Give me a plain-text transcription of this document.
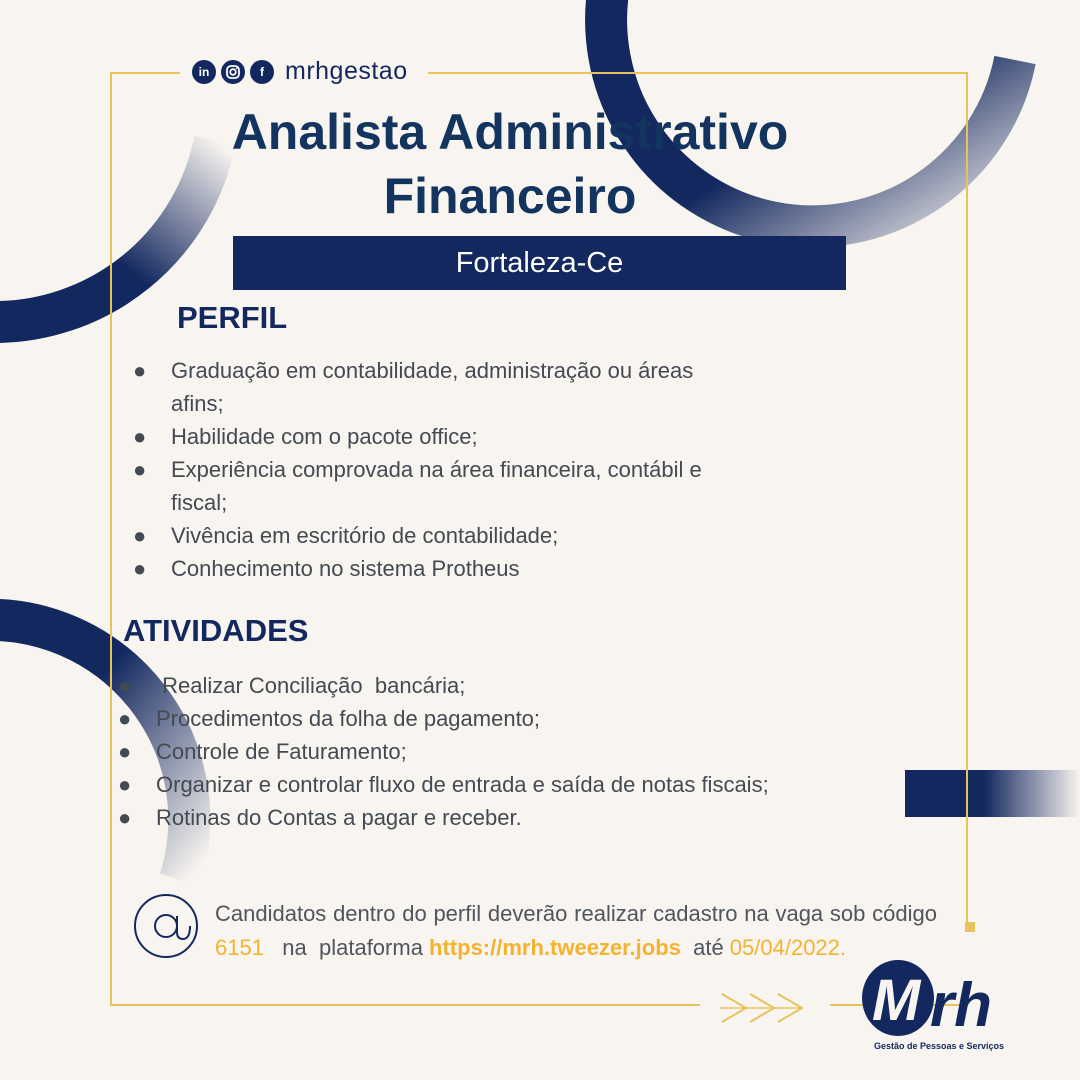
in	f mrhgestao
Analista Administrativo
Financeiro
Fortaleza-Ce
PERFIL
●	Graduação em contabilidade, administração ou áreas
afins;
●	Habilidade com o pacote office;
●	Experiência comprovada na área financeira, contábil e
fiscal;
●	Vivência em escritório de contabilidade;
●	Conhecimento no sistema Protheus
ATIVIDADES
●	Realizar Conciliação  bancária;
●	Procedimentos da folha de pagamento;
●	Controle de Faturamento;
●	Organizar e controlar fluxo de entrada e saída de notas fiscais;
●	Rotinas do Contas a pagar e receber.
Candidatos dentro do perfil deverão realizar cadastro na vaga sob código 6151   na  plataforma https://mrh.tweezer.jobs  até 05/04/2022.
M rh
Gestão de Pessoas e Serviços
